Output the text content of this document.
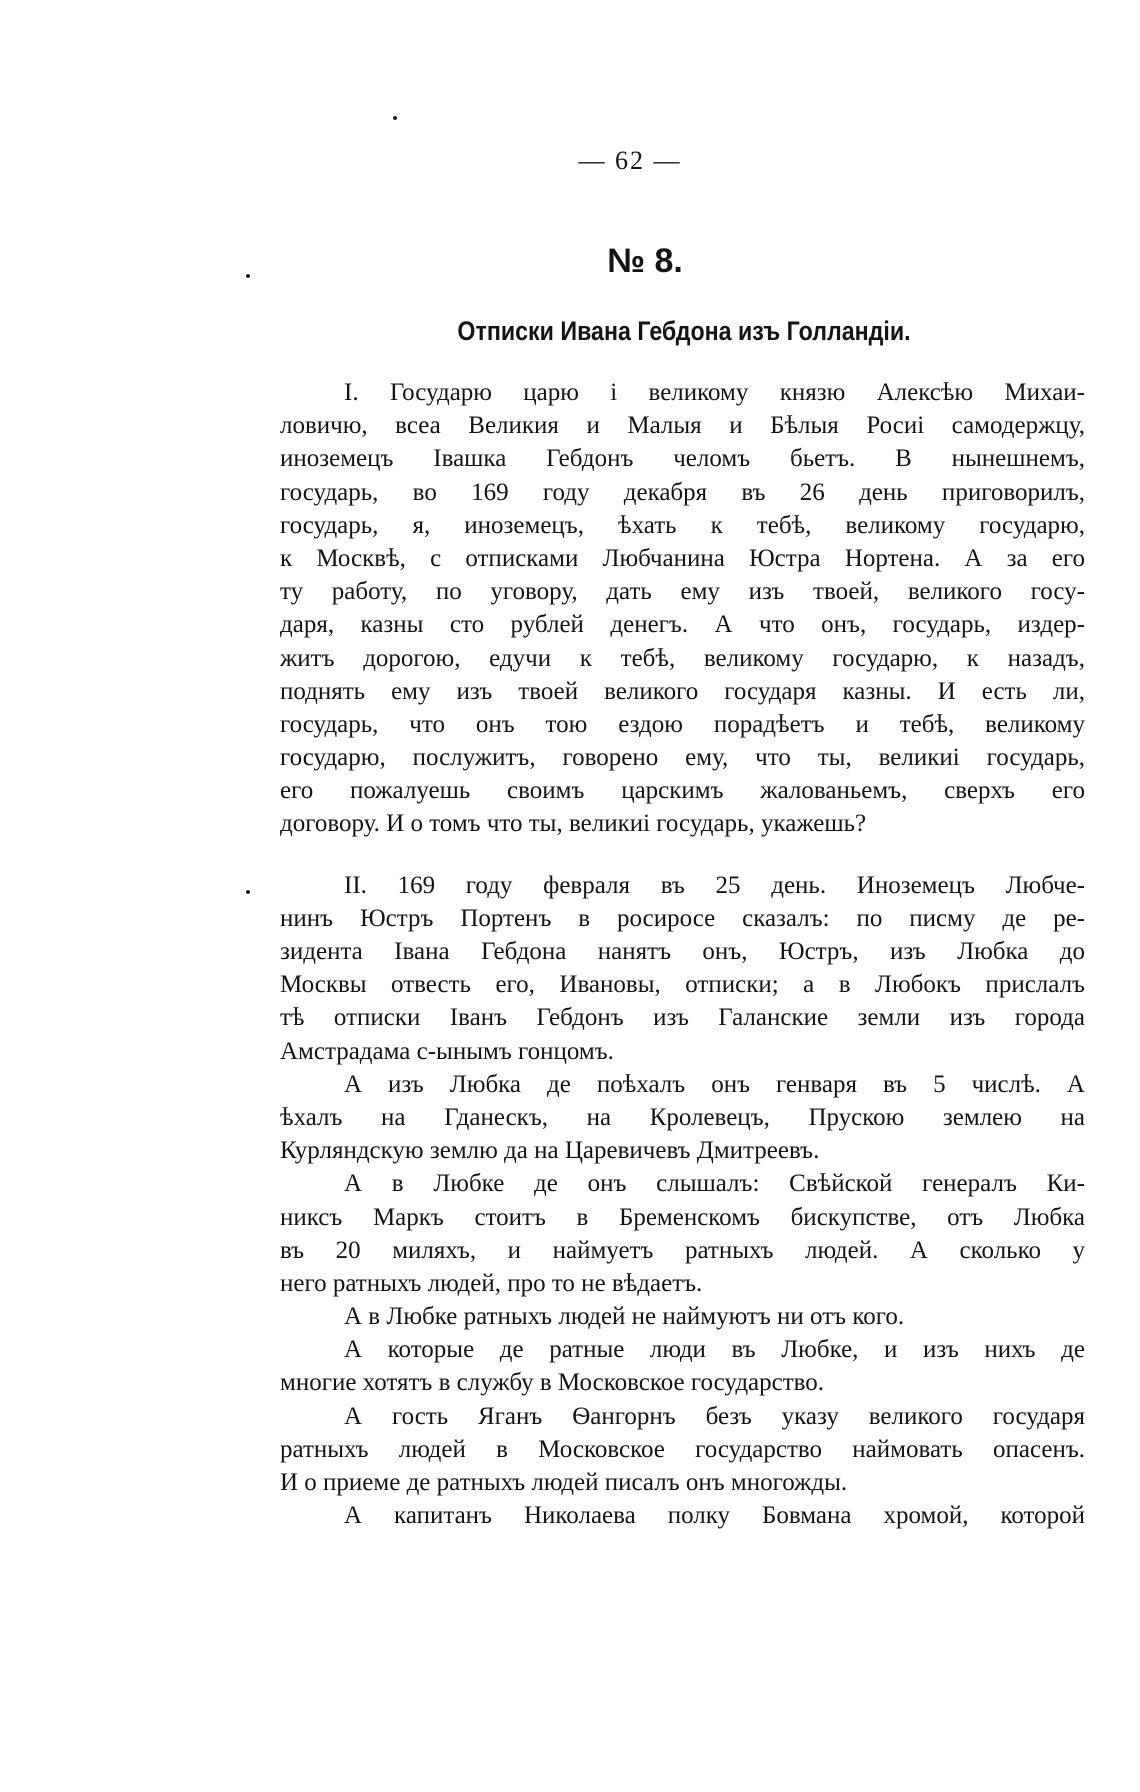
— 62 —
№ 8.
Отписки Ивана Гебдона изъ Голландіи.
I. Государю царю і великому князю Алексѣю Михаи-
ловичю, всеа Великия и Малыя и Бѣлыя Росиі самодержцу,
иноземецъ Івашка Гебдонъ челомъ бьетъ. В нынешнемъ,
государь, во 169 году декабря въ 26 день приговорилъ,
государь, я, иноземецъ, ѣхать к тебѣ, великому государю,
к Москвѣ, с отписками Любчанина Юстра Нортена. А за его
ту работу, по уговору, дать ему изъ твоей, великого госу-
даря, казны сто рублей денегъ. А что онъ, государь, издер-
житъ дорогою, едучи к тебѣ, великому государю, к назадъ,
поднять ему изъ твоей великого государя казны. И есть ли,
государь, что онъ тою ездою порадѣетъ и тебѣ, великому
государю, послужитъ, говорено ему, что ты, великиі государь,
его пожалуешь своимъ царскимъ жалованьемъ, сверхъ его
договору. И о томъ что ты, великиі государь, укажешь?
II. 169 году февраля въ 25 день. Иноземецъ Любче-
нинъ Юстръ Портенъ в росиросе сказалъ: по писму де ре-
зидента Івана Гебдона нанятъ онъ, Юстръ, изъ Любка до
Москвы отвесть его, Ивановы, отписки; а в Любокъ прислалъ
тѣ отписки Іванъ Гебдонъ изъ Галанские земли изъ города
Амстрадама с-ынымъ гонцомъ.
А изъ Любка де поѣхалъ онъ генваря въ 5 числѣ. А
ѣхалъ на Гданескъ, на Кролевецъ, Прускою землею на
Курляндскую землю да на Царевичевъ Дмитреевъ.
А в Любке де онъ слышалъ: Свѣйской генералъ Ки-
никсъ Маркъ стоитъ в Бременскомъ бискупстве, отъ Любка
въ 20 миляхъ, и наймуетъ ратныхъ людей. А сколько у
него ратныхъ людей, про то не вѣдаетъ.
А в Любке ратныхъ людей не наймуютъ ни отъ кого.
А которые де ратные люди въ Любке, и изъ нихъ де
многие хотятъ в службу в Московское государство.
А гость Яганъ Ѳангорнъ безъ указу великого государя
ратныхъ людей в Московское государство наймовать опасенъ.
И о приеме де ратныхъ людей писалъ онъ многожды.
А капитанъ Николаева полку Бовмана хромой, которой
